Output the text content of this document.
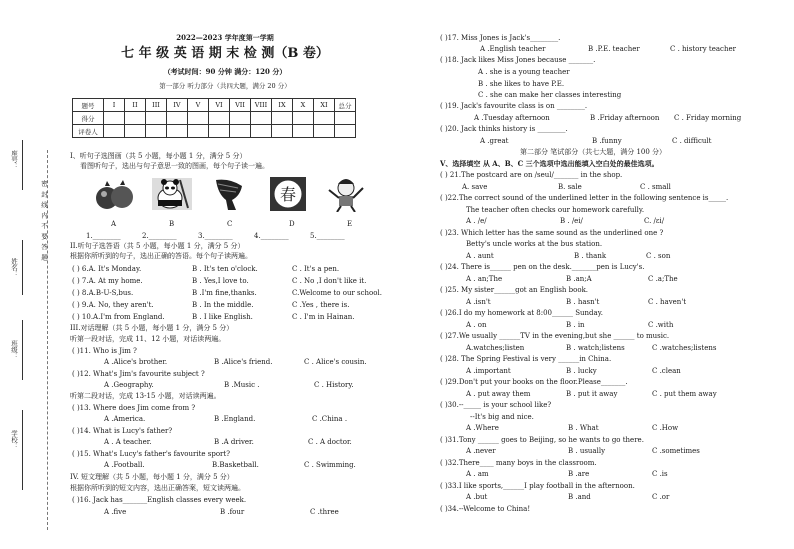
密 封 线 内 不 要 答 题
座号：
姓名：
班级：
学校：
2022—2023 学年度第一学期
七 年 级 英 语 期 末 检 测（B 卷）
（考试时间：90 分钟 满分：120 分）
第一部分 听力部分（共四大题，满分 20 分）
题号	I	II	III	IV	V	VI	VII	VIII	IX	X	XI	总分
得分												
评卷人												
I、听句子选图画（共 5 小题，每小题 1 分，满分 5 分）
看图听句子，选出与句子意思一致的图画，每个句子读一遍。
春
A	B	C	D	E
1.________	2.________	3.________	4.________	5.________
II.听句子选答语（共 5 小题，每小题 1 分，满分 5 分）
根据你所听到的句子，选出正确的答语。每个句子读两遍。
( ) 6.A. It's Monday.	B . It's ten o'clock.	C . It's a pen.
( ) 7.A. At my home.	B . Yes,I love to.	C . No ,I don't like it.
( ) 8.A.B-U-S,bus.	B .I'm fine,thanks.	C.Welcome to our school.
( ) 9.A. No, they aren't.	B . In the middle.	C .Yes , there is.
( ) 10.A.I'm from England.	B . I like English.	C . I'm in Hainan.
III.对话理解（共 5 小题，每小题 1 分，满分 5 分）
听第一段对话，完成 11、12 小题，对话读两遍。
( )11. Who is Jim ?
A .Alice's brother.	B .Alice's friend.	C . Alice's cousin.
( )12. What's Jim's favourite subject ?
A .Geography.	B .Music .	C . History.
听第二段对话，完成 13-15 小题，对话读两遍。
( )13. Where does Jim come from ?
A .America.	B .England.	C .China .
( )14. What is Lucy's father?
A . A teacher.	B .A driver.	C . A doctor.
( )15. What's Lucy's father's favourite sport?
A .Football.	B.Basketball.	C . Swimming.
IV. 短文理解（共 5 小题，每小题 1 分，满分 5 分）
根据你所听到的短文内容，选出正确答案，短文读两遍。
( )16. Jack has_______English classes every week.
A .five	B .four	C .three
( )17. Miss Jones is Jack's________.
A .English teacher	B .P.E. teacher	C . history teacher
( )18. Jack likes Miss Jones because _______.
A . she is a young teacher
B . she likes to have P.E.
C . she can make her classes interesting
( )19. Jack's favourite class is on ________.
A .Tuesday afternoon	B .Friday afternoon C . Friday morning
( )20. Jack thinks history is ________.
A .great	B .funny	C . difficult
第二部分 笔试部分（共七大题，满分 100 分）
V、选择填空 从 A、B、C 三个选项中选出能填入空白处的最佳选项。
( ) 21.The postcard are on /seul/_______ in the shop.
A. save	B. sale	C . small
( )22.The correct sound of the underlined letter in the following sentence is_____.
The teacher often checks our homework carefully.
A . /e/	B . /ei/	C. /εi/
( )23. Which letter has the same sound as the underlined one ?
Betty's uncle works at the bus station.
A . aunt	B . thank	C . son
( )24. There is______ pen on the desk._______pen is Lucy's.
A . an;The	B .an;A	C .a;The
( )25. My sister______got an English book.
A .isn't	B . hasn't	C . haven't
( )26.I do my homework at 8:00______ Sunday.
A . on	B . in	C .with
( )27.We usually ______TV in the evening,but she ______ to music.
A.watches;listen	B . watch;listens	C .watches;listens
( )28. The Spring Festival is very ______in China.
A .important	B . lucky	C .clean
( )29.Don't put your books on the floor.Please_______.
A . put away them	B . put it away	C . put them away
( )30.--_____ is your school like?
--It's big and nice.
A .Where	B . What	C .How
( )31.Tony ______ goes to Beijing, so he wants to go there.
A .never	B . usually	C .sometimes
( )32.There____ many boys in the classroom.
A . am	B .are	C .is
( )33.I like sports,______I play football in the afternoon.
A .but	B .and	C .or
( )34.--Welcome to China!
